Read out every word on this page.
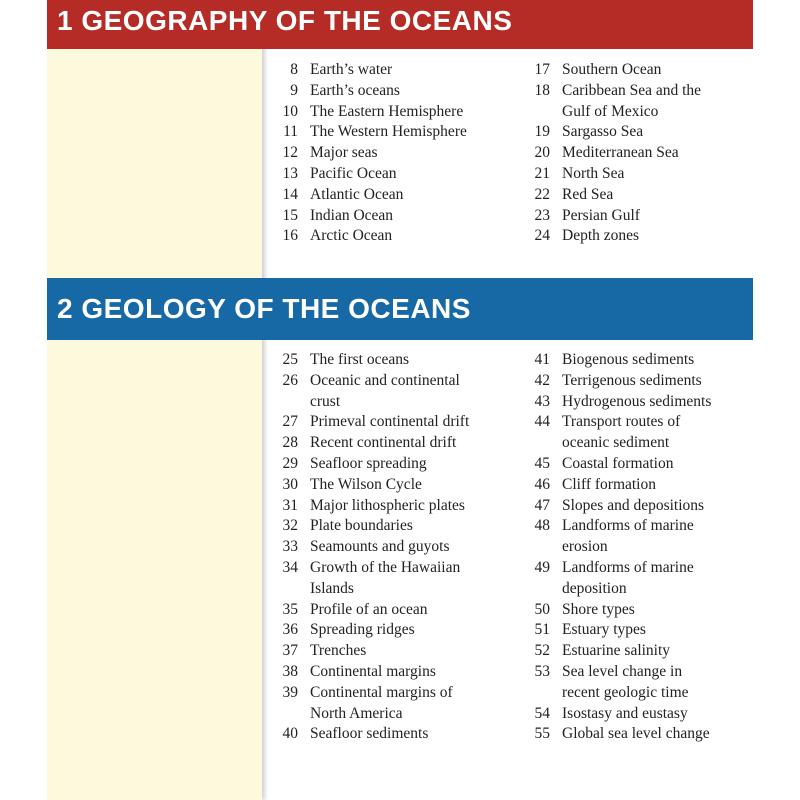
1 GEOGRAPHY OF THE OCEANS
8 Earth’s water
9 Earth’s oceans
10 The Eastern Hemisphere
11 The Western Hemisphere
12 Major seas
13 Pacific Ocean
14 Atlantic Ocean
15 Indian Ocean
16 Arctic Ocean
17 Southern Ocean
18 Caribbean Sea and the
Gulf of Mexico
19 Sargasso Sea
20 Mediterranean Sea
21 North Sea
22 Red Sea
23 Persian Gulf
24 Depth zones
2 GEOLOGY OF THE OCEANS
25 The first oceans
26 Oceanic and continental
crust
27 Primeval continental drift
28 Recent continental drift
29 Seafloor spreading
30 The Wilson Cycle
31 Major lithospheric plates
32 Plate boundaries
33 Seamounts and guyots
34 Growth of the Hawaiian
Islands
35 Profile of an ocean
36 Spreading ridges
37 Trenches
38 Continental margins
39 Continental margins of
North America
40 Seafloor sediments
41 Biogenous sediments
42 Terrigenous sediments
43 Hydrogenous sediments
44 Transport routes of
oceanic sediment
45 Coastal formation
46 Cliff formation
47 Slopes and depositions
48 Landforms of marine
erosion
49 Landforms of marine
deposition
50 Shore types
51 Estuary types
52 Estuarine salinity
53 Sea level change in
recent geologic time
54 Isostasy and eustasy
55 Global sea level change
